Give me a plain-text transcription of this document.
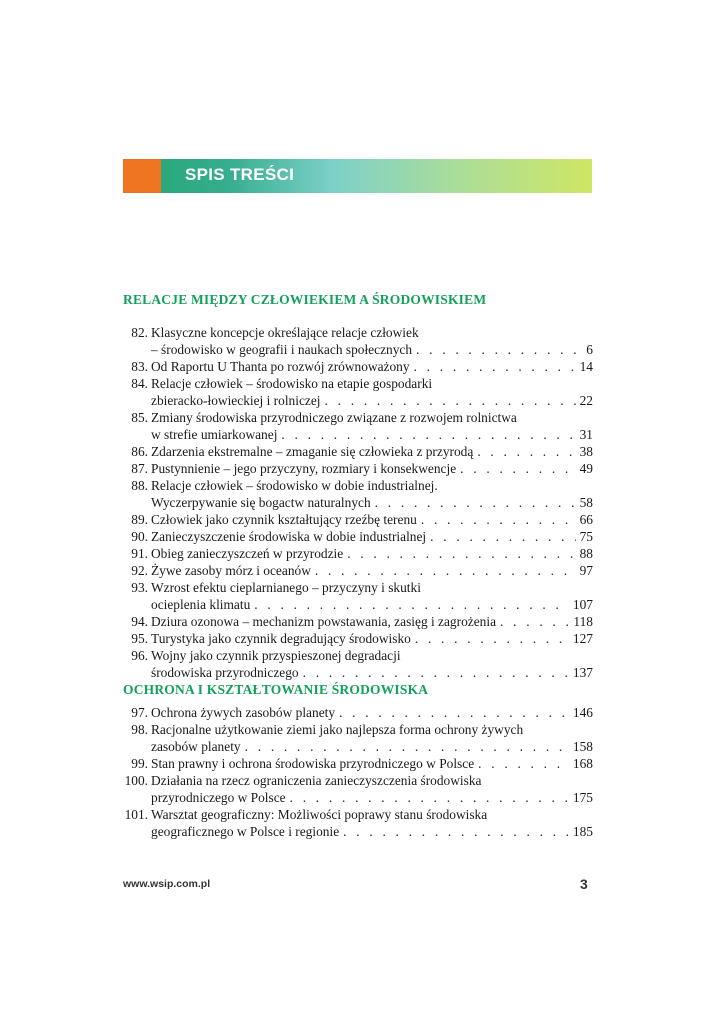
SPIS TREŚCI
RELACJE MIĘDZY CZŁOWIEKIEM A ŚRODOWISKIEM
82. Klasyczne koncepcje określające relacje człowiek
– środowisko w geografii i naukach społecznych . . .	6
83. Od Raportu U Thanta po rozwój zrównoważony . . .	14
84. Relacje człowiek – środowisko na etapie gospodarki
zbieracko-łowieckiej i rolniczej . . .	22
85. Zmiany środowiska przyrodniczego związane z rozwojem rolnictwa
w strefie umiarkowanej . . .	31
86. Zdarzenia ekstremalne – zmaganie się człowieka z przyrodą . . .	38
87. Pustynnienie – jego przyczyny, rozmiary i konsekwencje . . .	49
88. Relacje człowiek – środowisko w dobie industrialnej.
Wyczerpywanie się bogactw naturalnych . . .	58
89. Człowiek jako czynnik kształtujący rzeźbę terenu . . .	66
90. Zanieczyszczenie środowiska w dobie industrialnej . . .	75
91. Obieg zanieczyszczeń w przyrodzie . . .	88
92. Żywe zasoby mórz i oceanów . . .	97
93. Wzrost efektu cieplarnianego – przyczyny i skutki
ocieplenia klimatu . . .	107
94. Dziura ozonowa – mechanizm powstawania, zasięg i zagrożenia . . .	118
95. Turystyka jako czynnik degradujący środowisko . . .	127
96. Wojny jako czynnik przyspieszonej degradacji
środowiska przyrodniczego . . .	137
OCHRONA I KSZTAŁTOWANIE ŚRODOWISKA
97. Ochrona żywych zasobów planety . . .	146
98. Racjonalne użytkowanie ziemi jako najlepsza forma ochrony żywych
zasobów planety . . .	158
99. Stan prawny i ochrona środowiska przyrodniczego w Polsce . . .	168
100. Działania na rzecz ograniczenia zanieczyszczenia środowiska
przyrodniczego w Polsce . . .	175
101. Warsztat geograficzny: Możliwości poprawy stanu środowiska
geograficznego w Polsce i regionie . . .	185
www.wsip.com.pl	3
